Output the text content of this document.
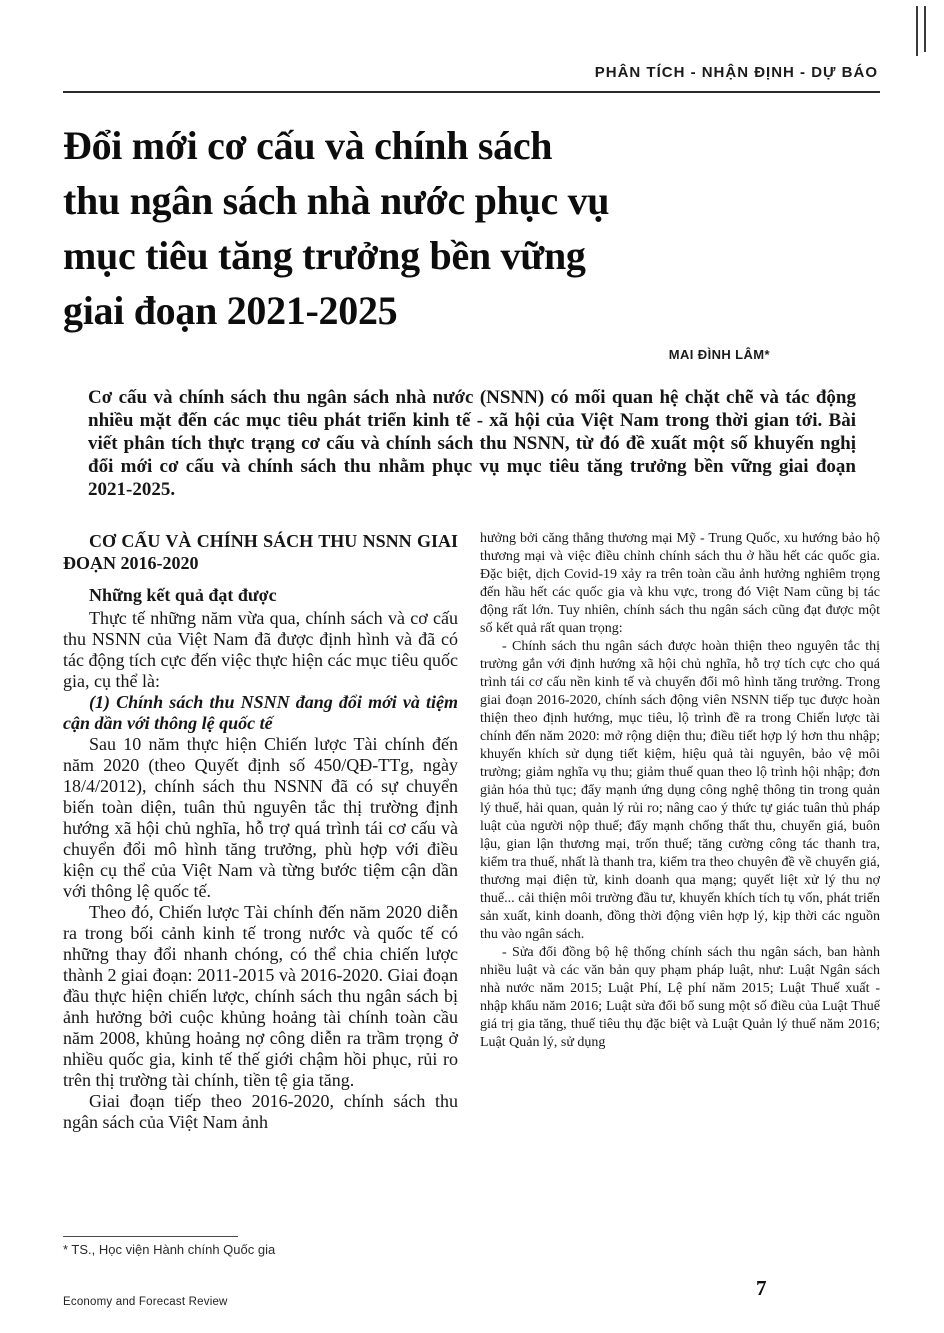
PHÂN TÍCH - NHẬN ĐỊNH - DỰ BÁO
Đổi mới cơ cấu và chính sách
thu ngân sách nhà nước phục vụ
mục tiêu tăng trưởng bền vững
giai đoạn 2021-2025
MAI ĐÌNH LÂM*

Cơ cấu và chính sách thu ngân sách nhà nước (NSNN) có mối quan hệ chặt chẽ và tác động nhiều mặt đến các mục tiêu phát triển kinh tế - xã hội của Việt Nam trong thời gian tới. Bài viết phân tích thực trạng cơ cấu và chính sách thu NSNN, từ đó đề xuất một số khuyến nghị đổi mới cơ cấu và chính sách thu nhằm phục vụ mục tiêu tăng trưởng bền vững giai đoạn 2021-2025.

CƠ CẤU VÀ CHÍNH SÁCH THU NSNN GIAI ĐOẠN 2016-2020
Những kết quả đạt được

Thực tế những năm vừa qua, chính sách và cơ cấu thu NSNN của Việt Nam đã được định hình và đã có tác động tích cực đến việc thực hiện các mục tiêu quốc gia, cụ thể là:

(1) Chính sách thu NSNN đang đổi mới và tiệm cận dần với thông lệ quốc tế

Sau 10 năm thực hiện Chiến lược Tài chính đến năm 2020 (theo Quyết định số 450/QĐ-TTg, ngày 18/4/2012), chính sách thu NSNN đã có sự chuyển biến toàn diện, tuân thủ nguyên tắc thị trường định hướng xã hội chủ nghĩa, hỗ trợ quá trình tái cơ cấu và chuyển đổi mô hình tăng trưởng, phù hợp với điều kiện cụ thể của Việt Nam và từng bước tiệm cận dần với thông lệ quốc tế.

Theo đó, Chiến lược Tài chính đến năm 2020 diễn ra trong bối cảnh kinh tế trong nước và quốc tế có những thay đổi nhanh chóng, có thể chia chiến lược thành 2 giai đoạn: 2011-2015 và 2016-2020. Giai đoạn đầu thực hiện chiến lược, chính sách thu ngân sách bị ảnh hưởng bởi cuộc khủng hoảng tài chính toàn cầu năm 2008, khủng hoảng nợ công diễn ra trầm trọng ở nhiều quốc gia, kinh tế thế giới chậm hồi phục, rủi ro trên thị trường tài chính, tiền tệ gia tăng.

Giai đoạn tiếp theo 2016-2020, chính sách thu ngân sách của Việt Nam ảnh

hưởng bởi căng thẳng thương mại Mỹ - Trung Quốc, xu hướng bảo hộ thương mại và việc điều chỉnh chính sách thu ở hầu hết các quốc gia. Đặc biệt, dịch Covid-19 xảy ra trên toàn cầu ảnh hưởng nghiêm trọng đến hầu hết các quốc gia và khu vực, trong đó Việt Nam cũng bị tác động rất lớn. Tuy nhiên, chính sách thu ngân sách cũng đạt được một số kết quả rất quan trọng:

- Chính sách thu ngân sách được hoàn thiện theo nguyên tắc thị trường gắn với định hướng xã hội chủ nghĩa, hỗ trợ tích cực cho quá trình tái cơ cấu nền kinh tế và chuyển đổi mô hình tăng trưởng. Trong giai đoạn 2016-2020, chính sách động viên NSNN tiếp tục được hoàn thiện theo định hướng, mục tiêu, lộ trình đề ra trong Chiến lược tài chính đến năm 2020: mở rộng diện thu; điều tiết hợp lý hơn thu nhập; khuyến khích sử dụng tiết kiệm, hiệu quả tài nguyên, bảo vệ môi trường; giảm nghĩa vụ thu; giảm thuế quan theo lộ trình hội nhập; đơn giản hóa thủ tục; đẩy mạnh ứng dụng công nghệ thông tin trong quản lý thuế, hải quan, quản lý rủi ro; nâng cao ý thức tự giác tuân thủ pháp luật của người nộp thuế; đẩy mạnh chống thất thu, chuyển giá, buôn lậu, gian lận thương mại, trốn thuế; tăng cường công tác thanh tra, kiểm tra thuế, nhất là thanh tra, kiểm tra theo chuyên đề về chuyển giá, thương mại điện tử, kinh doanh qua mạng; quyết liệt xử lý thu nợ thuế... cải thiện môi trường đầu tư, khuyến khích tích tụ vốn, phát triển sản xuất, kinh doanh, đồng thời động viên hợp lý, kịp thời các nguồn thu vào ngân sách.

- Sửa đổi đồng bộ hệ thống chính sách thu ngân sách, ban hành nhiều luật và các văn bản quy phạm pháp luật, như: Luật Ngân sách nhà nước năm 2015; Luật Phí, Lệ phí năm 2015; Luật Thuế xuất - nhập khẩu năm 2016; Luật sửa đổi bổ sung một số điều của Luật Thuế giá trị gia tăng, thuế tiêu thụ đặc biệt và Luật Quản lý thuế năm 2016; Luật Quản lý, sử dụng

* TS., Học viện Hành chính Quốc gia
Economy and Forecast Review
7
